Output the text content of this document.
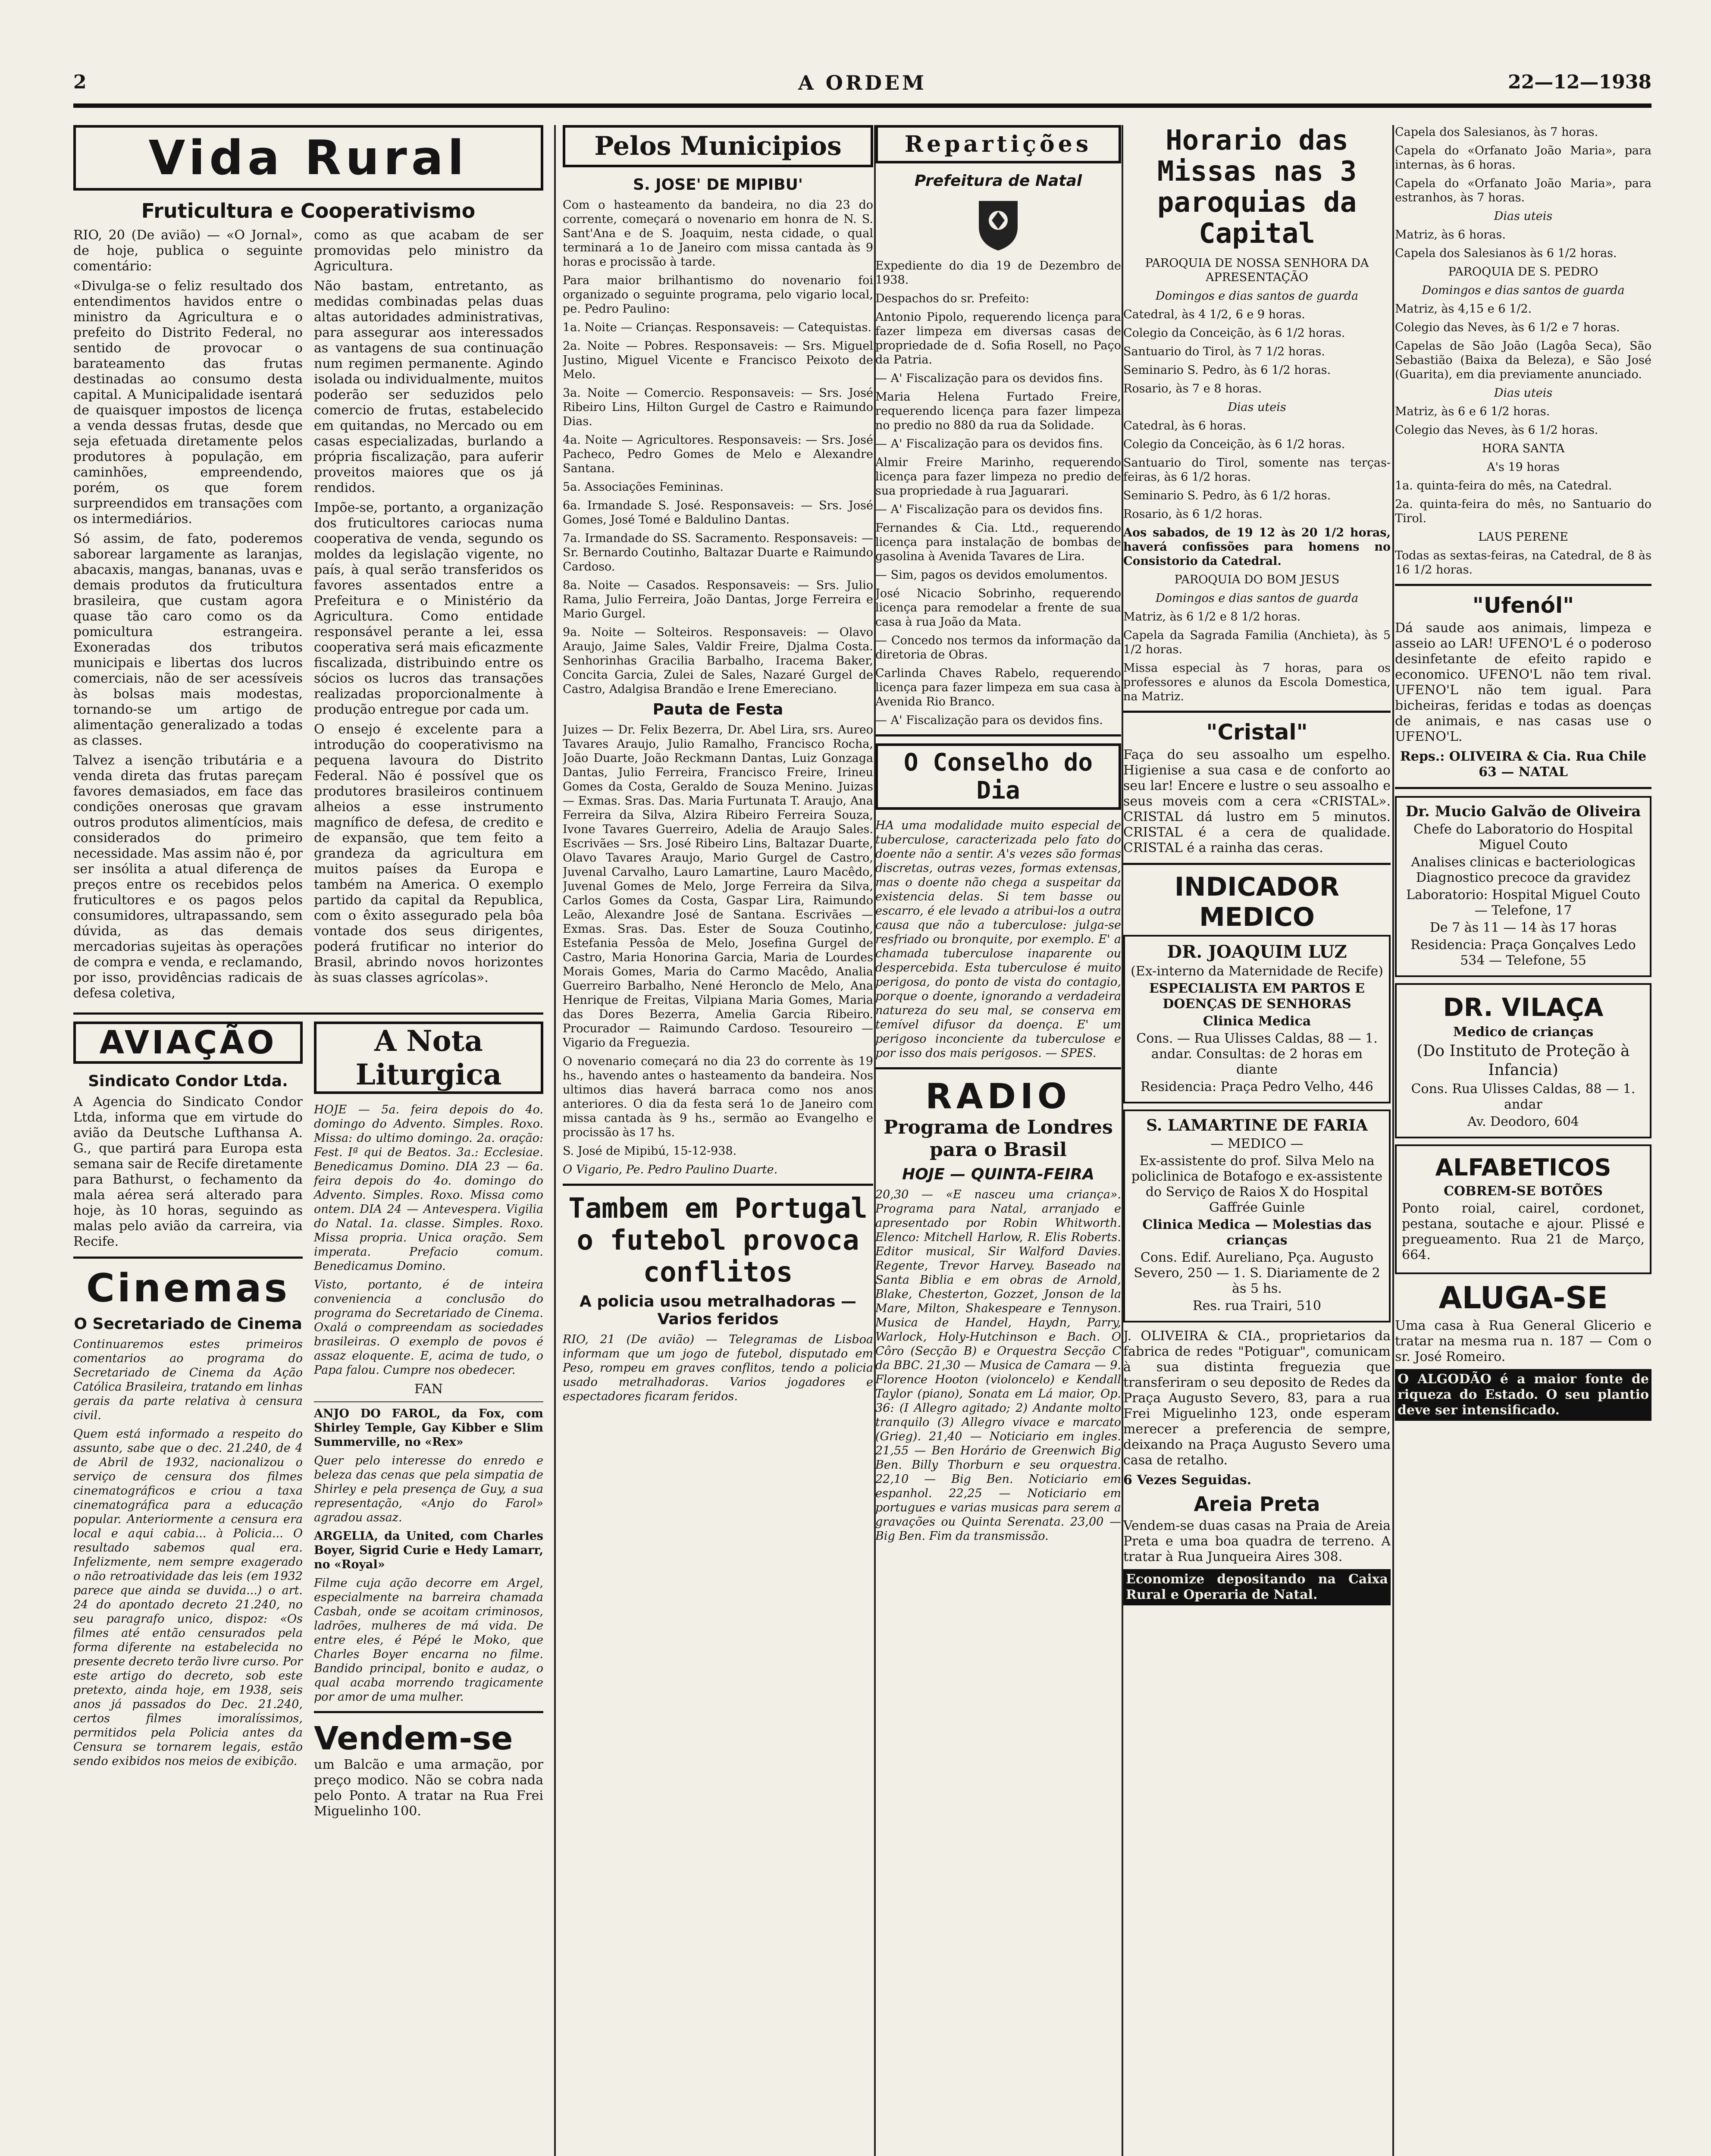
2	A ORDEM	22—12—1938
Vida Rural
Fruticultura e Cooperativismo

RIO, 20 (De avião) — «O Jornal», de hoje, publica o seguinte comentário:

«Divulga-se o feliz resultado dos entendimentos havidos entre o ministro da Agricultura e o prefeito do Distrito Federal, no sentido de provocar o barateamento das frutas destinadas ao consumo desta capital. A Municipalidade isentará de quaisquer impostos de licença a venda dessas frutas, desde que seja efetuada diretamente pelos produtores à população, em caminhões, empreendendo, porém, os que forem surpreendidos em transações com os intermediários.

Só assim, de fato, poderemos saborear largamente as laranjas, abacaxis, mangas, bananas, uvas e demais produtos da fruticultura brasileira, que custam agora quase tão caro como os da pomicultura estrangeira. Exoneradas dos tributos municipais e libertas dos lucros comerciais, não de ser acessíveis às bolsas mais modestas, tornando-se um artigo de alimentação generalizado a todas as classes.

Talvez a isenção tributária e a venda direta das frutas pareçam favores demasiados, em face das condições onerosas que gravam outros produtos alimentícios, mais considerados do primeiro necessidade. Mas assim não é, por ser insólita a atual diferença de preços entre os recebidos pelos fruticultores e os pagos pelos consumidores, ultrapassando, sem dúvida, as das demais mercadorias sujeitas às operações de compra e venda, e reclamando, por isso, providências radicais de defesa coletiva,

como as que acabam de ser promovidas pelo ministro da Agricultura.

Não bastam, entretanto, as medidas combinadas pelas duas altas autoridades administrativas, para assegurar aos interessados as vantagens de sua continuação num regimen permanente. Agindo isolada ou individualmente, muitos poderão ser seduzidos pelo comercio de frutas, estabelecido em quitandas, no Mercado ou em casas especializadas, burlando a própria fiscalização, para auferir proveitos maiores que os já rendidos.

Impõe-se, portanto, a organização dos fruticultores cariocas numa cooperativa de venda, segundo os moldes da legislação vigente, no país, à qual serão transferidos os favores assentados entre a Prefeitura e o Ministério da Agricultura. Como entidade responsável perante a lei, essa cooperativa será mais eficazmente fiscalizada, distribuindo entre os sócios os lucros das transações realizadas proporcionalmente à produção entregue por cada um.

O ensejo é excelente para a introdução do cooperativismo na pequena lavoura do Distrito Federal. Não é possível que os produtores brasileiros continuem alheios a esse instrumento magnífico de defesa, de credito e de expansão, que tem feito a grandeza da agricultura em muitos países da Europa e também na America. O exemplo partido da capital da Republica, com o êxito assegurado pela bôa vontade dos seus dirigentes, poderá frutificar no interior do Brasil, abrindo novos horizontes às suas classes agrícolas».

AVIAÇÃO
Sindicato Condor Ltda.

A Agencia do Sindicato Condor Ltda, informa que em virtude do avião da Deutsche Lufthansa A. G., que partirá para Europa esta semana sair de Recife diretamente para Bathurst, o fechamento da mala aérea será alterado para hoje, às 10 horas, seguindo as malas pelo avião da carreira, via Recife.

Cinemas
O Secretariado de Cinema

Continuaremos estes primeiros comentarios ao programa do Secretariado de Cinema da Ação Católica Brasileira, tratando em linhas gerais da parte relativa à censura civil.

Quem está informado a respeito do assunto, sabe que o dec. 21.240, de 4 de Abril de 1932, nacionalizou o serviço de censura dos filmes cinematográficos e criou a taxa cinematográfica para a educação popular. Anteriormente a censura era local e aqui cabia... à Policia... O resultado sabemos qual era. Infelizmente, nem sempre exagerado o não retroatividade das leis (em 1932 parece que ainda se duvida...) o art. 24 do apontado decreto 21.240, no seu paragrafo unico, dispoz: «Os filmes até então censurados pela forma diferente na estabelecida no presente decreto terão livre curso. Por este artigo do decreto, sob este pretexto, ainda hoje, em 1938, seis anos já passados do Dec. 21.240, certos filmes imoralíssimos, permitidos pela Policia antes da Censura se tornarem legais, estão sendo exibidos nos meios de exibição.

A Nota Liturgica

HOJE — 5a. feira depois do 4o. domingo do Advento. Simples. Roxo. Missa: do ultimo domingo. 2a. oração: Fest. Iª qui de Beatos. 3a.: Ecclesiae. Benedicamus Domino. DIA 23 — 6a. feira depois do 4o. domingo do Advento. Simples. Roxo. Missa como ontem. DIA 24 — Antevespera. Vigilia do Natal. 1a. classe. Simples. Roxo. Missa propria. Unica oração. Sem imperata. Prefacio comum. Benedicamus Domino.

Visto, portanto, é de inteira conveniencia a conclusão do programa do Secretariado de Cinema. Oxalá o compreendam as sociedades brasileiras. O exemplo de povos é assaz eloquente. E, acima de tudo, o Papa falou. Cumpre nos obedecer.

FAN

ANJO DO FAROL, da Fox, com Shirley Temple, Gay Kibber e Slim Summerville, no «Rex»

Quer pelo interesse do enredo e beleza das cenas que pela simpatia de Shirley e pela presença de Guy, a sua representação, «Anjo do Farol» agradou assaz.

ARGELIA, da United, com Charles Boyer, Sigrid Curie e Hedy Lamarr, no «Royal»

Filme cuja ação decorre em Argel, especialmente na barreira chamada Casbah, onde se acoitam criminosos, ladrões, mulheres de má vida. De entre eles, é Pépé le Moko, que Charles Boyer encarna no filme. Bandido principal, bonito e audaz, o qual acaba morrendo tragicamente por amor de uma mulher.

Vendem-se

um Balcão e uma armação, por preço modico. Não se cobra nada pelo Ponto. A tratar na Rua Frei Miguelinho 100.

Pelos Municipios
S. JOSE' DE MIPIBU'

Com o hasteamento da bandeira, no dia 23 do corrente, começará o novenario em honra de N. S. Sant'Ana e de S. Joaquim, nesta cidade, o qual terminará a 1o de Janeiro com missa cantada às 9 horas e procissão à tarde.

Para maior brilhantismo do novenario foi organizado o seguinte programa, pelo vigario local, pe. Pedro Paulino:

1a. Noite — Crianças. Responsaveis: — Catequistas.

2a. Noite — Pobres. Responsaveis: — Srs. Miguel Justino, Miguel Vicente e Francisco Peixoto de Melo.

3a. Noite — Comercio. Responsaveis: — Srs. José Ribeiro Lins, Hilton Gurgel de Castro e Raimundo Dias.

4a. Noite — Agricultores. Responsaveis: — Srs. José Pacheco, Pedro Gomes de Melo e Alexandre Santana.

5a. Associações Femininas.

6a. Irmandade S. José. Responsaveis: — Srs. José Gomes, José Tomé e Baldulino Dantas.

7a. Irmandade do SS. Sacramento. Responsaveis: — Sr. Bernardo Coutinho, Baltazar Duarte e Raimundo Cardoso.

8a. Noite — Casados. Responsaveis: — Srs. Julio Rama, Julio Ferreira, João Dantas, Jorge Ferreira e Mario Gurgel.

9a. Noite — Solteiros. Responsaveis: — Olavo Araujo, Jaime Sales, Valdir Freire, Djalma Costa. Senhorinhas Gracilia Barbalho, Iracema Baker, Concita Garcia, Zulei de Sales, Nazaré Gurgel de Castro, Adalgisa Brandão e Irene Emereciano.

Pauta de Festa

Juizes — Dr. Felix Bezerra, Dr. Abel Lira, srs. Aureo Tavares Araujo, Julio Ramalho, Francisco Rocha, João Duarte, João Reckmann Dantas, Luiz Gonzaga Dantas, Julio Ferreira, Francisco Freire, Irineu Gomes da Costa, Geraldo de Souza Menino. Juizas — Exmas. Sras. Das. Maria Furtunata T. Araujo, Ana Ferreira da Silva, Alzira Ribeiro Ferreira Souza, Ivone Tavares Guerreiro, Adelia de Araujo Sales. Escrivães — Srs. José Ribeiro Lins, Baltazar Duarte, Olavo Tavares Araujo, Mario Gurgel de Castro, Juvenal Carvalho, Lauro Lamartine, Lauro Macêdo, Juvenal Gomes de Melo, Jorge Ferreira da Silva, Carlos Gomes da Costa, Gaspar Lira, Raimundo Leão, Alexandre José de Santana. Escrivães — Exmas. Sras. Das. Ester de Souza Coutinho, Estefania Pessôa de Melo, Josefina Gurgel de Castro, Maria Honorina Garcia, Maria de Lourdes Morais Gomes, Maria do Carmo Macêdo, Analia Guerreiro Barbalho, Nené Heronclo de Melo, Ana Henrique de Freitas, Vilpiana Maria Gomes, Maria das Dores Bezerra, Amelia Garcia Ribeiro. Procurador — Raimundo Cardoso. Tesoureiro — Vigario da Freguezia.

O novenario começará no dia 23 do corrente às 19 hs., havendo antes o hasteamento da bandeira. Nos ultimos dias haverá barraca como nos anos anteriores. O dia da festa será 1o de Janeiro com missa cantada às 9 hs., sermão ao Evangelho e procissão às 17 hs.

S. José de Mipibú, 15-12-938.

O Vigario, Pe. Pedro Paulino Duarte.

Tambem em Portugal o futebol provoca conflitos
A policia usou metralhadoras — Varios feridos

RIO, 21 (De avião) — Telegramas de Lisboa informam que um jogo de futebol, disputado em Peso, rompeu em graves conflitos, tendo a policia usado metralhadoras. Varios jogadores e espectadores ficaram feridos.

Repartições
Prefeitura de Natal

Expediente do dia 19 de Dezembro de 1938.

Despachos do sr. Prefeito:

Antonio Pipolo, requerendo licença para fazer limpeza em diversas casas de propriedade de d. Sofia Rosell, no Paço da Patria.

— A' Fiscalização para os devidos fins.

Maria Helena Furtado Freire, requerendo licença para fazer limpeza no predio no 880 da rua da Solidade.

— A' Fiscalização para os devidos fins.

Almir Freire Marinho, requerendo licença para fazer limpeza no predio de sua propriedade à rua Jaguarari.

— A' Fiscalização para os devidos fins.

Fernandes & Cia. Ltd., requerendo licença para instalação de bombas de gasolina à Avenida Tavares de Lira.

— Sim, pagos os devidos emolumentos.

José Nicacio Sobrinho, requerendo licença para remodelar a frente de sua casa à rua João da Mata.

— Concedo nos termos da informação da diretoria de Obras.

Carlinda Chaves Rabelo, requerendo licença para fazer limpeza em sua casa à Avenida Rio Branco.

— A' Fiscalização para os devidos fins.

O Conselho do Dia

HA uma modalidade muito especial de tuberculose, caracterizada pelo fato do doente não a sentir. A's vezes são formas discretas, outras vezes, formas extensas, mas o doente não chega a suspeitar da existencia delas. Si tem basse ou escarro, é ele levado a atribui-los a outra causa que não a tuberculose: julga-se resfriado ou bronquite, por exemplo. E' a chamada tuberculose inaparente ou despercebida. Esta tuberculose é muito perigosa, do ponto de vista do contagio, porque o doente, ignorando a verdadeira natureza do seu mal, se conserva em temível difusor da doença. E' um perigoso inconciente da tuberculose e por isso dos mais perigosos. — SPES.

RADIO
Programa de Londres para o Brasil
HOJE — QUINTA-FEIRA

20,30 — «E nasceu uma criança». Programa para Natal, arranjado e apresentado por Robin Whitworth. Elenco: Mitchell Harlow, R. Elis Roberts. Editor musical, Sir Walford Davies. Regente, Trevor Harvey. Baseado na Santa Biblia e em obras de Arnold, Blake, Chesterton, Gozzet, Jonson de la Mare, Milton, Shakespeare e Tennyson. Musica de Handel, Haydn, Parry, Warlock, Holy-Hutchinson e Bach. O Côro (Secção B) e Orquestra Secção C da BBC. 21,30 — Musica de Camara — 9. Florence Hooton (violoncelo) e Kendall Taylor (piano), Sonata em Lá maior, Op. 36: (I Allegro agitado; 2) Andante molto tranquilo (3) Allegro vivace e marcato (Grieg). 21,40 — Noticiario em ingles. 21,55 — Ben Horário de Greenwich Big Ben. Billy Thorburn e seu orquestra. 22,10 — Big Ben. Noticiario em espanhol. 22,25 — Noticiario em portugues e varias musicas para serem a gravações ou Quinta Serenata. 23,00 — Big Ben. Fim da transmissão.

Horario das Missas nas 3 paroquias da Capital

PAROQUIA DE NOSSA SENHORA DA APRESENTAÇÃO

Domingos e dias santos de guarda

Catedral, às 4 1/2, 6 e 9 horas.

Colegio da Conceição, às 6 1/2 horas.

Santuario do Tirol, às 7 1/2 horas.

Seminario S. Pedro, às 6 1/2 horas.

Rosario, às 7 e 8 horas.

Dias uteis

Catedral, às 6 horas.

Colegio da Conceição, às 6 1/2 horas.

Santuario do Tirol, somente nas terças-feiras, às 6 1/2 horas.

Seminario S. Pedro, às 6 1/2 horas.

Rosario, às 6 1/2 horas.

Aos sabados, de 19 12 às 20 1/2 horas, haverá confissões para homens no Consistorio da Catedral.

PAROQUIA DO BOM JESUS

Domingos e dias santos de guarda

Matriz, às 6 1/2 e 8 1/2 horas.

Capela da Sagrada Familia (Anchieta), às 5 1/2 horas.

Missa especial às 7 horas, para os professores e alunos da Escola Domestica, na Matriz.

"Cristal"

Faça do seu assoalho um espelho. Higienise a sua casa e de conforto ao seu lar! Encere e lustre o seu assoalho e seus moveis com a cera «CRISTAL». CRISTAL dá lustro em 5 minutos. CRISTAL é a cera de qualidade. CRISTAL é a rainha das ceras.

INDICADOR MEDICO
DR. JOAQUIM LUZ
(Ex-interno da Maternidade de Recife)
ESPECIALISTA EM PARTOS E DOENÇAS DE SENHORAS
Clinica Medica
Cons. — Rua Ulisses Caldas, 88 — 1. andar. Consultas: de 2 horas em diante
Residencia: Praça Pedro Velho, 446
S. LAMARTINE DE FARIA
— MEDICO —
Ex-assistente do prof. Silva Melo na policlinica de Botafogo e ex-assistente do Serviço de Raios X do Hospital Gaffrée Guinle
Clinica Medica — Molestias das crianças
Cons. Edif. Aureliano, Pça. Augusto Severo, 250 — 1. S. Diariamente de 2 às 5 hs.
Res. rua Trairi, 510

J. OLIVEIRA & CIA., proprietarios da fabrica de redes "Potiguar", comunicam à sua distinta freguezia que transferiram o seu deposito de Redes da Praça Augusto Severo, 83, para a rua Frei Miguelinho 123, onde esperam merecer a preferencia de sempre, deixando na Praça Augusto Severo uma casa de retalho.

6 Vezes Seguidas.

Areia Preta

Vendem-se duas casas na Praia de Areia Preta e uma boa quadra de terreno. A tratar à Rua Junqueira Aires 308.

Economize depositando na Caixa Rural e Operaria de Natal.

Capela dos Salesianos, às 7 horas.

Capela do «Orfanato João Maria», para internas, às 6 horas.

Capela do «Orfanato João Maria», para estranhos, às 7 horas.

Dias uteis

Matriz, às 6 horas.

Capela dos Salesianos às 6 1/2 horas.

PAROQUIA DE S. PEDRO

Domingos e dias santos de guarda

Matriz, às 4,15 e 6 1/2.

Colegio das Neves, às 6 1/2 e 7 horas.

Capelas de São João (Lagôa Seca), São Sebastião (Baixa da Beleza), e São José (Guarita), em dia previamente anunciado.

Dias uteis

Matriz, às 6 e 6 1/2 horas.

Colegio das Neves, às 6 1/2 horas.

HORA SANTA

A's 19 horas

1a. quinta-feira do mês, na Catedral.

2a. quinta-feira do mês, no Santuario do Tirol.

LAUS PERENE

Todas as sextas-feiras, na Catedral, de 8 às 16 1/2 horas.

"Ufenól"

Dá saude aos animais, limpeza e asseio ao LAR! UFENO'L é o poderoso desinfetante de efeito rapido e economico. UFENO'L não tem rival. UFENO'L não tem igual. Para bicheiras, feridas e todas as doenças de animais, e nas casas use o UFENO'L.

Reps.: OLIVEIRA & Cia. Rua Chile 63 — NATAL

Dr. Mucio Galvão de Oliveira
Chefe do Laboratorio do Hospital Miguel Couto
Analises clinicas e bacteriologicas Diagnostico precoce da gravidez
Laboratorio: Hospital Miguel Couto — Telefone, 17
De 7 às 11 — 14 às 17 horas
Residencia: Praça Gonçalves Ledo 534 — Telefone, 55
DR. VILAÇA
Medico de crianças
(Do Instituto de Proteção à Infancia)
Cons. Rua Ulisses Caldas, 88 — 1. andar
Av. Deodoro, 604
ALFABETICOS
COBREM-SE BOTÕES

Ponto roial, cairel, cordonet, pestana, soutache e ajour. Plissé e pregueamento. Rua 21 de Março, 664.

ALUGA-SE

Uma casa à Rua General Glicerio e tratar na mesma rua n. 187 — Com o sr. José Romeiro.

O ALGODÃO é a maior fonte de riqueza do Estado. O seu plantio deve ser intensificado.
